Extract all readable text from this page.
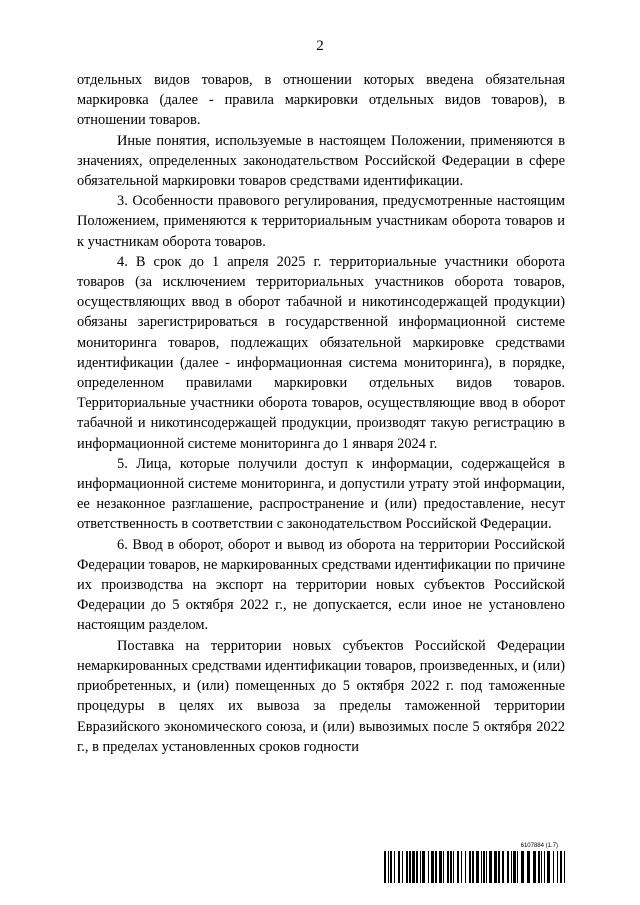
2

отдельных видов товаров, в отношении которых введена обязательная маркировка (далее - правила маркировки отдельных видов товаров), в отношении товаров.

Иные понятия, используемые в настоящем Положении, применяются в значениях, определенных законодательством Российской Федерации в сфере обязательной маркировки товаров средствами идентификации.

3. Особенности правового регулирования, предусмотренные настоящим Положением, применяются к территориальным участникам оборота товаров и к участникам оборота товаров.

4. В срок до 1 апреля 2025 г. территориальные участники оборота товаров (за исключением территориальных участников оборота товаров, осуществляющих ввод в оборот табачной и никотинсодержащей продукции) обязаны зарегистрироваться в государственной информационной системе мониторинга товаров, подлежащих обязательной маркировке средствами идентификации (далее - информационная система мониторинга), в порядке, определенном правилами маркировки отдельных видов товаров. Территориальные участники оборота товаров, осуществляющие ввод в оборот табачной и никотинсодержащей продукции, производят такую регистрацию в информационной системе мониторинга до 1 января 2024 г.

5. Лица, которые получили доступ к информации, содержащейся в информационной системе мониторинга, и допустили утрату этой информации, ее незаконное разглашение, распространение и (или) предоставление, несут ответственность в соответствии с законодательством Российской Федерации.

6. Ввод в оборот, оборот и вывод из оборота на территории Российской Федерации товаров, не маркированных средствами идентификации по причине их производства на экспорт на территории новых субъектов Российской Федерации до 5 октября 2022 г., не допускается, если иное не установлено настоящим разделом.

Поставка на территории новых субъектов Российской Федерации немаркированных средствами идентификации товаров, произведенных, и (или) приобретенных, и (или) помещенных до 5 октября 2022 г. под таможенные процедуры в целях их вывоза за пределы таможенной территории Евразийского экономического союза, и (или) вывозимых после 5 октября 2022 г., в пределах установленных сроков годности

6107884 (1.7)
